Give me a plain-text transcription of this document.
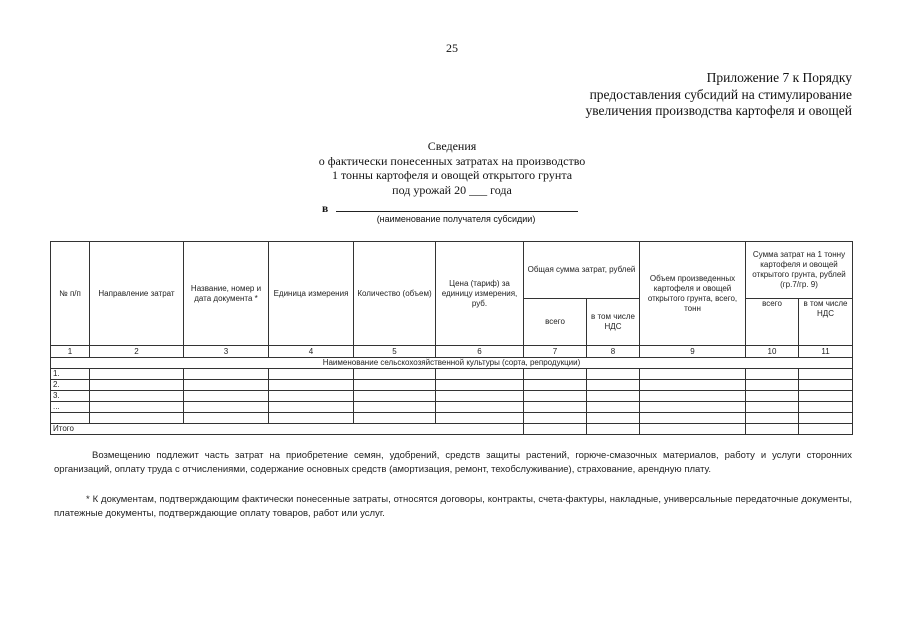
25
Приложение 7 к Порядку
предоставления субсидий на стимулирование
увеличения производства картофеля и овощей
Сведения
о фактически понесенных затратах на производство
1 тонны картофеля и овощей открытого грунта
под урожай 20 ___ года
в
(наименование получателя субсидии)
№ п/п	Направление затрат	Название, номер и дата документа *	Единица измерения	Количество (объем)	Цена (тариф) за единицу измерения, руб.	Общая сумма затрат, рублей		Объем произведенных картофеля и овощей открытого грунта, всего, тонн	Сумма затрат на 1 тонну картофеля и овощей открытого грунта, рублей (гр.7/гр. 9)	
						всего	в том числе НДС		всего	в том числе НДС
1	2	3	4	5	6	7	8	9	10	11
Наименование сельскохозяйственной культуры (сорта, репродукции)										
1.										
2.										
3.										
...										

Итого										
Возмещению подлежит часть затрат на приобретение семян, удобрений, средств защиты растений, горюче-смазочных материалов, работу и услуги сторонних организаций, оплату труда с отчислениями, содержание основных средств (амортизация, ремонт, техобслуживание), страхование, арендную плату.
* К документам, подтверждающим фактически понесенные затраты, относятся договоры, контракты, счета-фактуры, накладные, универсальные передаточные документы, платежные документы, подтверждающие оплату товаров, работ или услуг.
